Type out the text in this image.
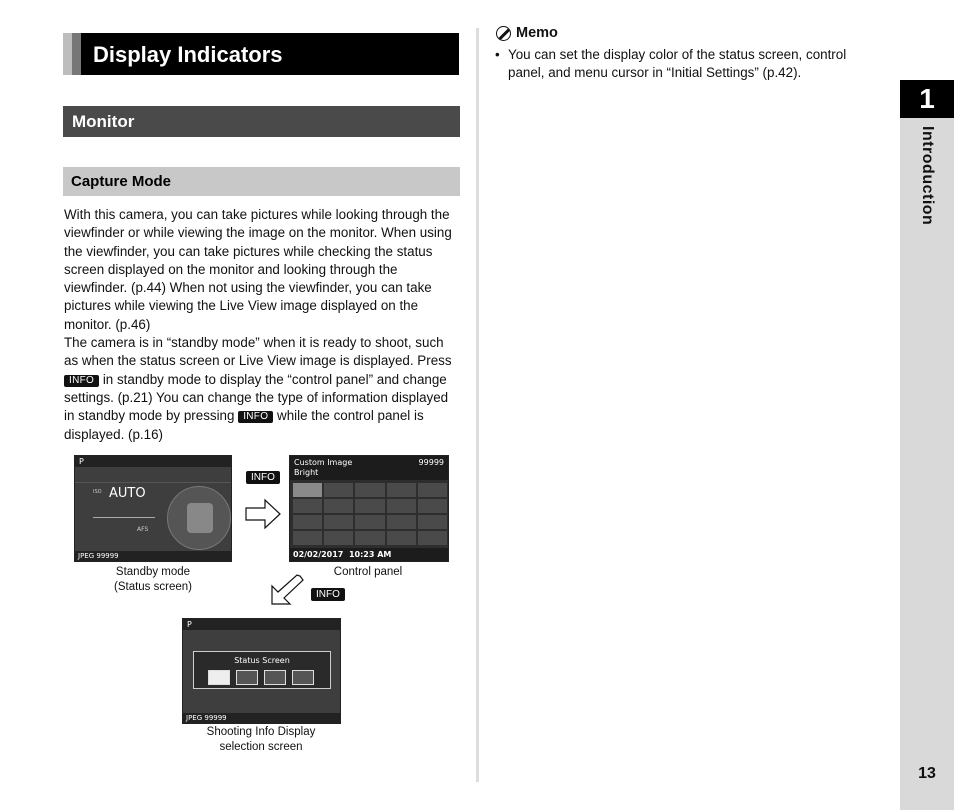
Display Indicators
Monitor
Capture Mode

With this camera, you can take pictures while looking through the viewfinder or while viewing the image on the monitor. When using the viewfinder, you can take pictures while checking the status screen displayed on the monitor and looking through the viewfinder. (p.44) When not using the viewfinder, you can take pictures while viewing the Live View image displayed on the monitor. (p.46)

The camera is in “standby mode” when it is ready to shoot, such as when the status screen or Live View image is displayed. Press INFO in standby mode to display the “control panel” and change settings. (p.21) You can change the type of information displayed in standby mode by pressing INFO while the control panel is displayed. (p.16)

P
ISO AUTO
AFS
JPEG 99999
Standby mode
(Status screen)
INFO
Custom Image
Bright
99999
02/02/2017 10:23 AM
Control panel
INFO
P
Status Screen
JPEG 99999
Shooting Info Display
selection screen
Memo
• You can set the display color of the status screen, control panel, and menu cursor in “Initial Settings” (p.42).
1
Introduction
13
